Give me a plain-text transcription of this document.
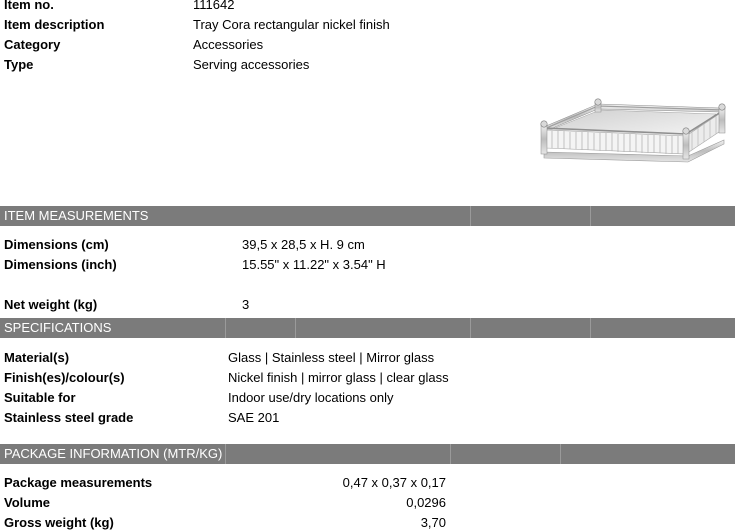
Item no.	111642
Item description	Tray Cora rectangular nickel finish
Category	Accessories
Type	Serving accessories
ITEM MEASUREMENTS
Dimensions (cm)	39,5 x 28,5 x H. 9 cm
Dimensions (inch)	15.55" x 11.22" x 3.54" H
Net weight (kg)	3
SPECIFICATIONS
Material(s)	Glass | Stainless steel | Mirror glass
Finish(es)/colour(s)	Nickel finish | mirror glass | clear glass
Suitable for	Indoor use/dry locations only
Stainless steel grade	SAE 201
PACKAGE INFORMATION (MTR/KG)
Package measurements	0,47 x 0,37 x 0,17
Volume	0,0296
Gross weight (kg)	3,70
